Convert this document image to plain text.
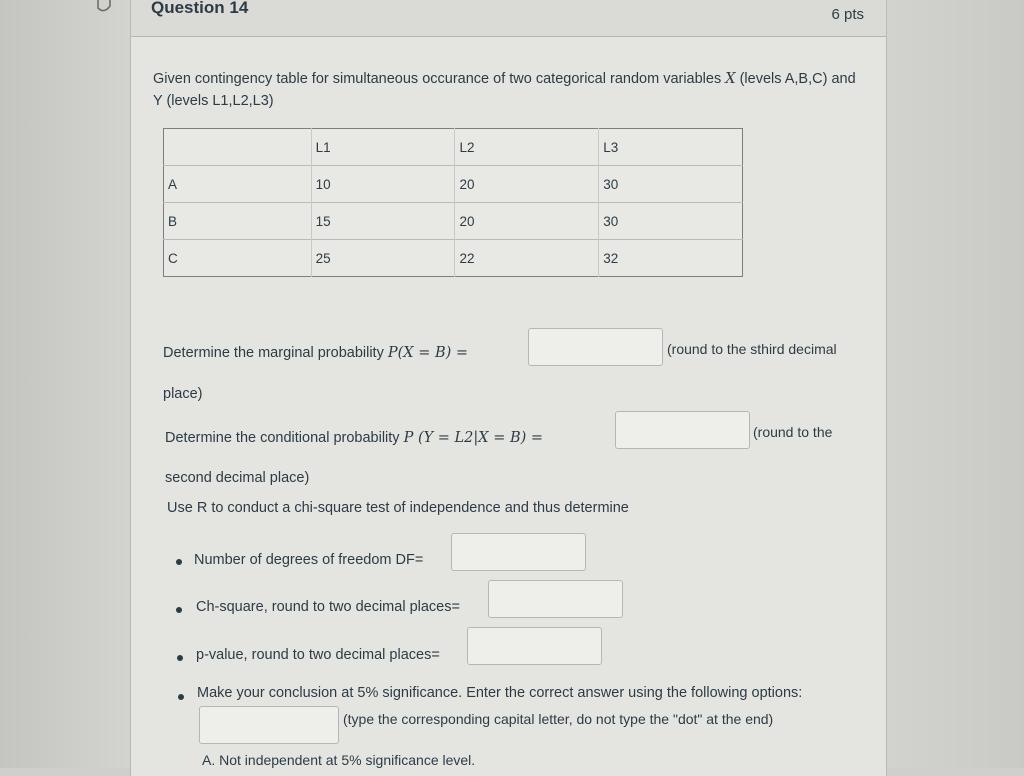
Question 14	6 pts
Given contingency table for simultaneous occurance of two categorical random variables X (levels A,B,C) and Y (levels L1,L2,L3)
	L1	L2	L3
A	10	20	30
B	15	20	30
C	25	22	32
Determine the marginal probability P(X = B) =	(round to the sthird decimal
place)
Determine the conditional probability P (Y = L2|X = B) =	(round to the
second decimal place)
Use R to conduct a chi-square test of independence and thus determine
Number of degrees of freedom DF=
Ch-square, round to two decimal places=
p-value, round to two decimal places=
Make your conclusion at 5% significance. Enter the correct answer using the following options:
(type the corresponding capital letter, do not type the "dot" at the end)
A. Not independent at 5% significance level.
